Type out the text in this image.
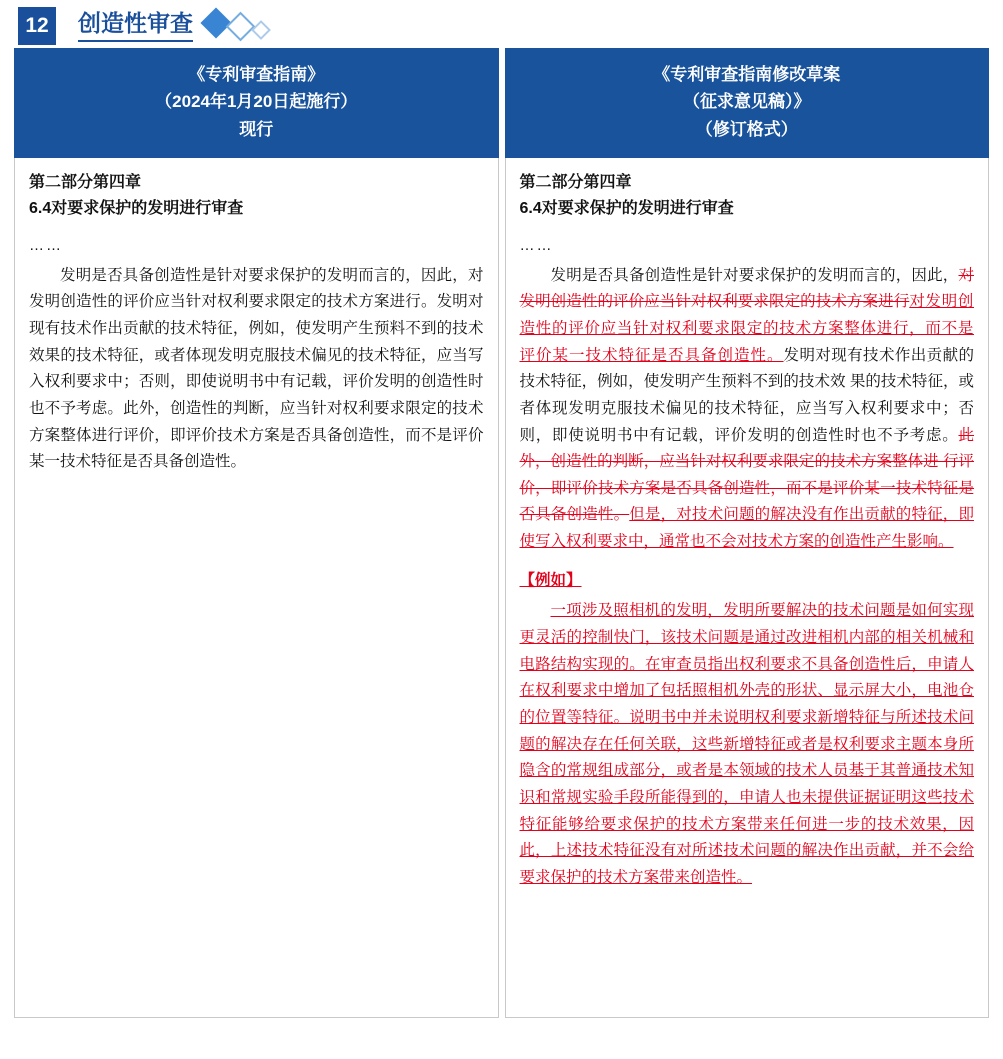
12	创造性审查
《专利审查指南》
（2024年1月20日起施行）
现行

第二部分第四章

6.4对要求保护的发明进行审查

……

发明是否具备创造性是针对要求保护的发明而言的，因此，对发明创造性的评价应当针对权利要求限定的技术方案进行。发明对现有技术作出贡献的技术特征，例如，使发明产生预料不到的技术效果的技术特征，或者体现发明克服技术偏见的技术特征，应当写入权利要求中；否则，即使说明书中有记载，评价发明的创造性时也不予考虑。此外，创造性的判断，应当针对权利要求限定的技术方案整体进行评价，即评价技术方案是否具备创造性，而不是评价某一技术特征是否具备创造性。

《专利审查指南修改草案
（征求意见稿）》
（修订格式）

第二部分第四章

6.4对要求保护的发明进行审查

……

发明是否具备创造性是针对要求保护的发明而言的，因此，对发明创造性的评价应当针对权利要求限定的技术方案进行对发明创造性的评价应当针对权利要求限定的技术方案整体进行，而不是评价某一技术特征是否具备创造性。发明对现有技术作出贡献的技术特征，例如，使发明产生预料不到的技术效 果的技术特征，或者体现发明克服技术偏见的技术特征，应当写入权利要求中；否则，即使说明书中有记载，评价发明的创造性时也不予考虑。此外，创造性的判断，应当针对权利要求限定的技术方案整体进 行评价，即评价技术方案是否具备创造性，而不是评价某一技术特征是否具备创造性。但是，对技术问题的解决没有作出贡献的特征，即使写入权利要求中，通常也不会对技术方案的创造性产生影响。

【例如】

一项涉及照相机的发明，发明所要解决的技术问题是如何实现更灵活的控制快门，该技术问题是通过改进相机内部的相关机械和电路结构实现的。在审查员指出权利要求不具备创造性后，申请人在权利要求中增加了包括照相机外壳的形状、显示屏大小，电池仓的位置等特征。说明书中并未说明权利要求新增特征与所述技术问题的解决存在任何关联，这些新增特征或者是权利要求主题本身所隐含的常规组成部分，或者是本领域的技术人员基于其普通技术知识和常规实验手段所能得到的，申请人也未提供证据证明这些技术特征能够给要求保护的技术方案带来任何进一步的技术效果，因此，上述技术特征没有对所述技术问题的解决作出贡献，并不会给要求保护的技术方案带来创造性。
